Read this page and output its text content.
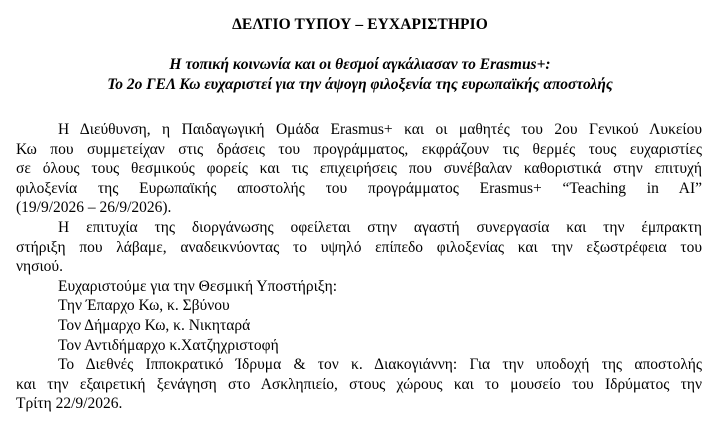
ΔΕΛΤΙΟ ΤΥΠΟΥ – ΕΥΧΑΡΙΣΤΗΡΙΟ
Η τοπική κοινωνία και οι θεσμοί αγκάλιασαν το Erasmus+:
Το 2ο ΓΕΛ Κω ευχαριστεί για την άψογη φιλοξενία της ευρωπαϊκής αποστολής
Η Διεύθυνση, η Παιδαγωγική Ομάδα Erasmus+ και οι μαθητές του 2ου Γενικού Λυκείου
Κω που συμμετείχαν στις δράσεις του προγράμματος, εκφράζουν τις θερμές τους ευχαριστίες
σε όλους τους θεσμικούς φορείς και τις επιχειρήσεις που συνέβαλαν καθοριστικά στην επιτυχή
φιλοξενία της Ευρωπαϊκής αποστολής του προγράμματος Erasmus+ “Teaching in AI”
(19/9/2026 – 26/9/2026).
Η επιτυχία της διοργάνωσης οφείλεται στην αγαστή συνεργασία και την έμπρακτη
στήριξη που λάβαμε, αναδεικνύοντας το υψηλό επίπεδο φιλοξενίας και την εξωστρέφεια του
νησιού.
Ευχαριστούμε για την Θεσμική Υποστήριξη:
Την Έπαρχο Κω, κ. Σβύνου
Τον Δήμαρχο Κω, κ. Νικηταρά
Τον Αντιδήμαρχο κ.Χατζηχριστοφή
Το Διεθνές Ιπποκρατικό Ίδρυμα & τον κ. Διακογιάννη: Για την υποδοχή της αποστολής
και την εξαιρετική ξενάγηση στο Ασκληπιείο, στους χώρους και το μουσείο του Ιδρύματος την
Τρίτη 22/9/2026.
